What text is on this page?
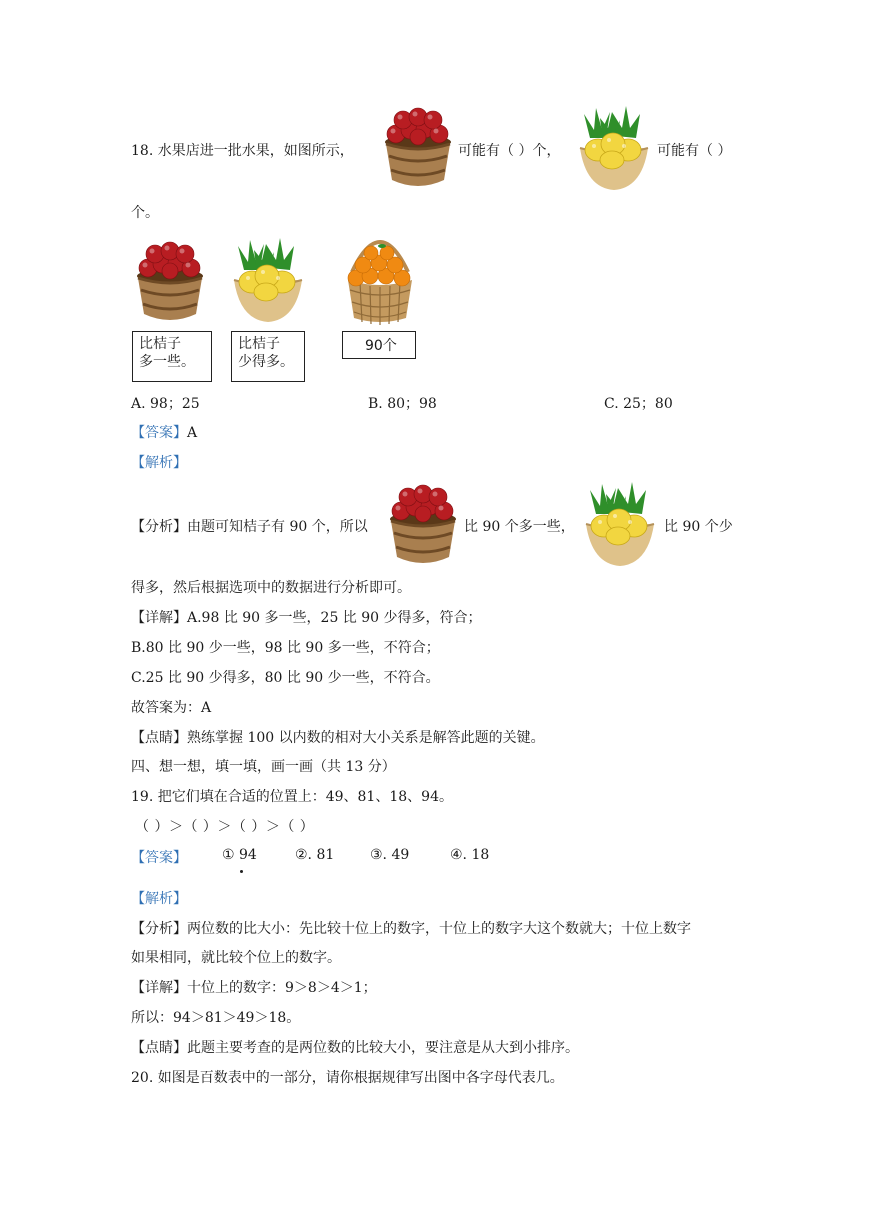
18. 水果店进一批水果，如图所示，	可能有（ ）个，	可能有（ ）
个。
比桔子
多一些。
比桔子
少得多。
90个
A. 98；25	B. 80；98	C. 25；80
【答案】A
【解析】
【分析】由题可知桔子有 90 个，所以	比 90 个多一些，	比 90 个少
得多，然后根据选项中的数据进行分析即可。
【详解】A.98 比 90 多一些，25 比 90 少得多，符合；
B.80 比 90 少一些，98 比 90 多一些，不符合；
C.25 比 90 少得多，80 比 90 少一些，不符合。
故答案为：A
【点睛】熟练掌握 100 以内数的相对大小关系是解答此题的关键。
四、想一想，填一填，画一画（共 13 分）
19. 把它们填在合适的位置上：49、81、18、94。
（ ）＞（ ）＞（ ）＞（ ）
【答案】	① 94	②. 81	③. 49	④. 18
【解析】
【分析】两位数的比大小：先比较十位上的数字，十位上的数字大这个数就大；十位上数字
如果相同，就比较个位上的数字。
【详解】十位上的数字：9＞8＞4＞1；
所以：94＞81＞49＞18。
【点睛】此题主要考查的是两位数的比较大小，要注意是从大到小排序。
20. 如图是百数表中的一部分，请你根据规律写出图中各字母代表几。
